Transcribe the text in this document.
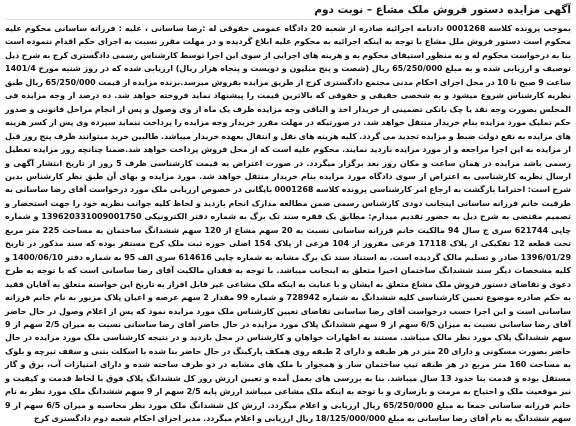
آگهی مزایده دستور فروش ملک مشاع – نوبت دوم
بموجب پرونده کلاسه 0001268 دادنامه اجرائیه صادره از شعبه 20 دادگاه عمومی حقوقی له :رضا ساسانی ، علیه : فرزانه ساسانی محکوم علیه محکوم است دستور فروش ملل مشاع با توجه به اینکه اجرائیه به محکوم علیه ابلاغ گردیده و در مهلت مقرر نسبت به اجرای حکم اقدام ننموده است بنا به درخواست محکوم له و به منظور استیفای محکوم به و هزینه های اجرایی از سوی این اجرا توسط کارشناس رسمی دادگستری کرج به شرح ذیل توصیف و ارزیابی شده و به مبلغ 65/250/000 ریال (شصت و پنج میلیون و دویست و پنجاه هزار ریال) ارزیابی شده که در روز شنبه مورخ 1401/4 ساعت 9 صبح تا 10 در محل اجرای احکام مدنی مجتمع دادگستری کرج از طریق مزایده بفروش میرسد.برنده مزایده از قیمت 65/250/000 ریال طبق نظریه کارشناس شروع میشود و به شخصی حقیقی و حقوقی که بالاترین قیمت را پیشنهاد نماید فروخته خواهد شد. ده درصد از وجه مزایده فی المجلس بصورت وجه نقد یا چک بانکی تضمینی از خریدار اخذ و الباقی وجه مزایده ظرف یک ماه از وی وصول و پس از انجام مراحل قانونی و صدور حکم تملیک مورد مزایده بنام خریدار منتقل خواهد شد. در صورتیکه در مهلت مقرر خریدار وجه مزایده را پرداخت ننماید سپرده وی پس از کسر هزینه های مزایده به نفع دولت ضبط و مزایده تجدید می گردد. کلیه هزینه های نقل و انتقال بعهده خریدار میباشد. طالبین خرید میتوانند ظرف پنج روز قبل از مزایده به این اجرا مراجعه و از مورد مزایده بازدید نمایند. محکوم علیه است که از محل فروش پرداخت خواهد شد.ضمنا چنانچه روز مزایده تعطیل رسمی باشد مزایده در همان ساعت و مکان روز بعد برگزار میگردد. در صورت اعتراض به قیمت کارشناسی ظرف 5 روز از تاریخ انتشار آگهی و ارسال نظریه کارشناسی به اعتراض از سوی دادگاه مورد مزایده بنام خریدار منتقل خواهد شد. مورد مزایده و بهای آن طبق نظر کارشناس بدین شرح است: احتراما بازگشت به ارجاع امر کارشناسی پرونده کلاسه 0001268 بایگانی در خصوص ارزیابی ملک مورد درخواست آقای رضا ساسانی به طرفیت خانم فرزانه ساسانی اینجانب دودی کارشناس رسمی ضمن مطالعه مدارک انجام بازدید و لحاظ کلیه جوانب نظریه خود را جهت استحضار و تصمیم مقتضی به شرح ذیل به حضور تقدیم میدارم: مطابق یک فقره سند تک برگ به شماره دفتر الکترونیکی 139620331009001750 و شماره چاپی 621744 سری ج سال 94 مالکیت خانم فرزانه ساسانی نسبت به 20 سهم مشاع از 120 سهم ششدانگ ساختمان به مساحت 225 متر مربع تحت قطعه 12 تفکیکی از پلاک 17118 فرعی مفروز از 104 فرعی از پلاک 154 اصلی حوزه ثبت ملک کرج مستقر بوده که سند مذکور در تاریخ 1396/01/29 صادر و تسلیم مالک گردیده است. به استناد سند تک برگ مشابه به شماره چاپی 614616 سری الف 95 به شماره دفتر 1400/06/10 و کلیه مشخصات دیگر سند ششدانگ ساختمان اخیرا متعلق به اینجانب میباشد. با توجه به فقدان مالکیت آقای رضا ساسانی است که با توجه به طرح دعوی و تقاضای دستور فروش ملک مشاع متعلق به ایشان و با عنایت به اینکه ملک مشاعی غیر قابل افراز به تاریخ این خواسته متعلق به آقایان فقید به حکم صادره موضوع تعیین کارشناسی کلیه ششدانگ به شماره 728942 و شماره 99 مقدار 2 سهم عرصه و اعیان پلاک مزبور به نام خانم فرزانه ساسانی است و این اجرا حسب درخواست آقای رضا ساسانی تقاضای تعیین کارشناس ملک مورد مزایده نمود که پس از اعلام وصول در حال حاضر آقای رضا ساسانی نسبت به میزان 6/5 سهم از 9 سهم ششدانگ پلاک مورد مزایده در حال حاضر آقای رضا ساسانی نسبت به میزان 2/5 سهم از 9 سهم ششدانگ پلاک مورد نظر مالک میباشد. مستند به اظهارات خواهان و کارشناس در محل بازدید و در نتیجه کارشناسی ملک مورد مزایده در حال حاضر بصورت مسکونی و دارای 20 متر در هر طبقه و دارای 2 طبقه روی همکف پارکینگ در حال حاضر بنا شده با اسکلت بتنی و سقف تیرچه و بلوک به مساحت 160 متر مربع در هر طبقه تیپ ساختمان ساز و همجوار با ملک های مشابه در دو طرف ساخته شده و دارای امتیازات آب، برق و گاز مستقل بوده و قدمت بنا حدود 13 سال میباشد. بنا به بررسی های بعمل آمده و تعیین ارزش روز کل ششدانگ پلاک فوق با لحاظ قدمت و کیفیت و نیز موقعیت ملک و احتیاج به مرمت و بازسازی و با توجه به اینکه ملک مشاعی میباشد ارزش پایه 2/5 سهم از 9 سهم ششدانگ ملک مورد نظر به نام خانم فرزانه ساسانی جمعا به مبلغ 65/250/000 ریال ارزیابی و اعلام میگردد. ارزش کل ششدانگ ملک مورد نظر محاسبه و میزان 6/5 سهم از 9 سهم ششدانگ به نام آقای رضا ساسانی به مبلغ 18/125/000/000 ریال ارزیابی و اعلام میگردد. مدیر اجرای احکام شعبه دوم دادگستری کرج
